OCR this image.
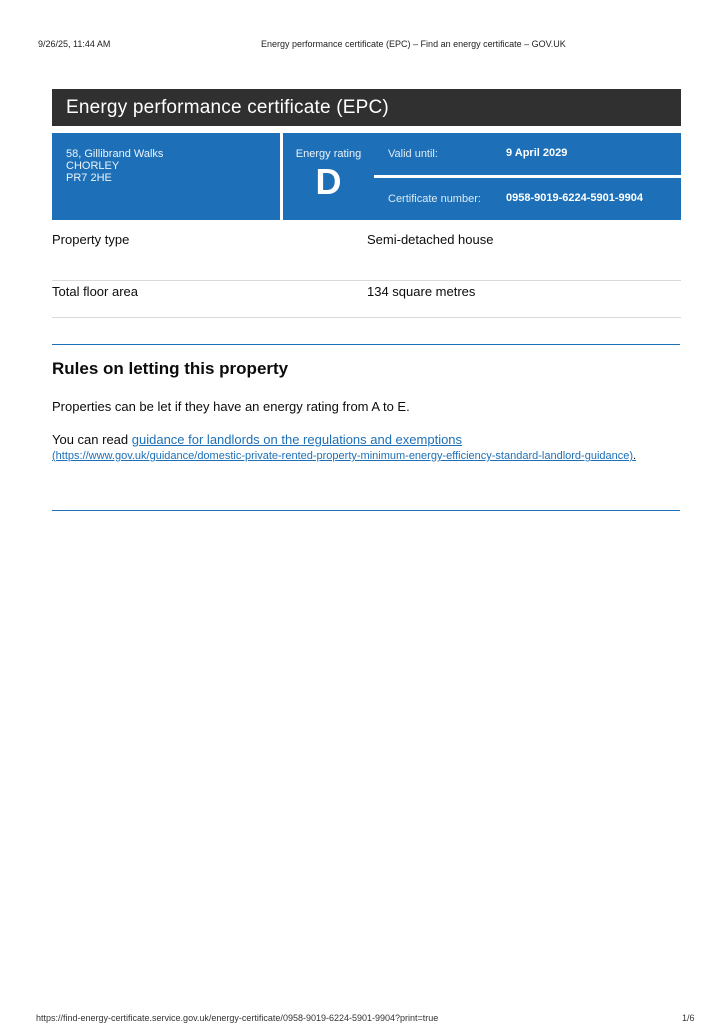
9/26/25, 11:44 AM	Energy performance certificate (EPC) – Find an energy certificate – GOV.UK
Energy performance certificate (EPC)
58, Gillibrand Walks
CHORLEY
PR7 2HE
Energy rating
D
Valid until:	9 April 2029
Certificate number: 0958-9019-6224-5901-9904
Property type	Semi-detached house
Total floor area	134 square metres
Rules on letting this property
Properties can be let if they have an energy rating from A to E.
You can read guidance for landlords on the regulations and exemptions
(https://www.gov.uk/guidance/domestic-private-rented-property-minimum-energy-efficiency-standard-landlord-guidance).
https://find-energy-certificate.service.gov.uk/energy-certificate/0958-9019-6224-5901-9904?print=true	1/6
